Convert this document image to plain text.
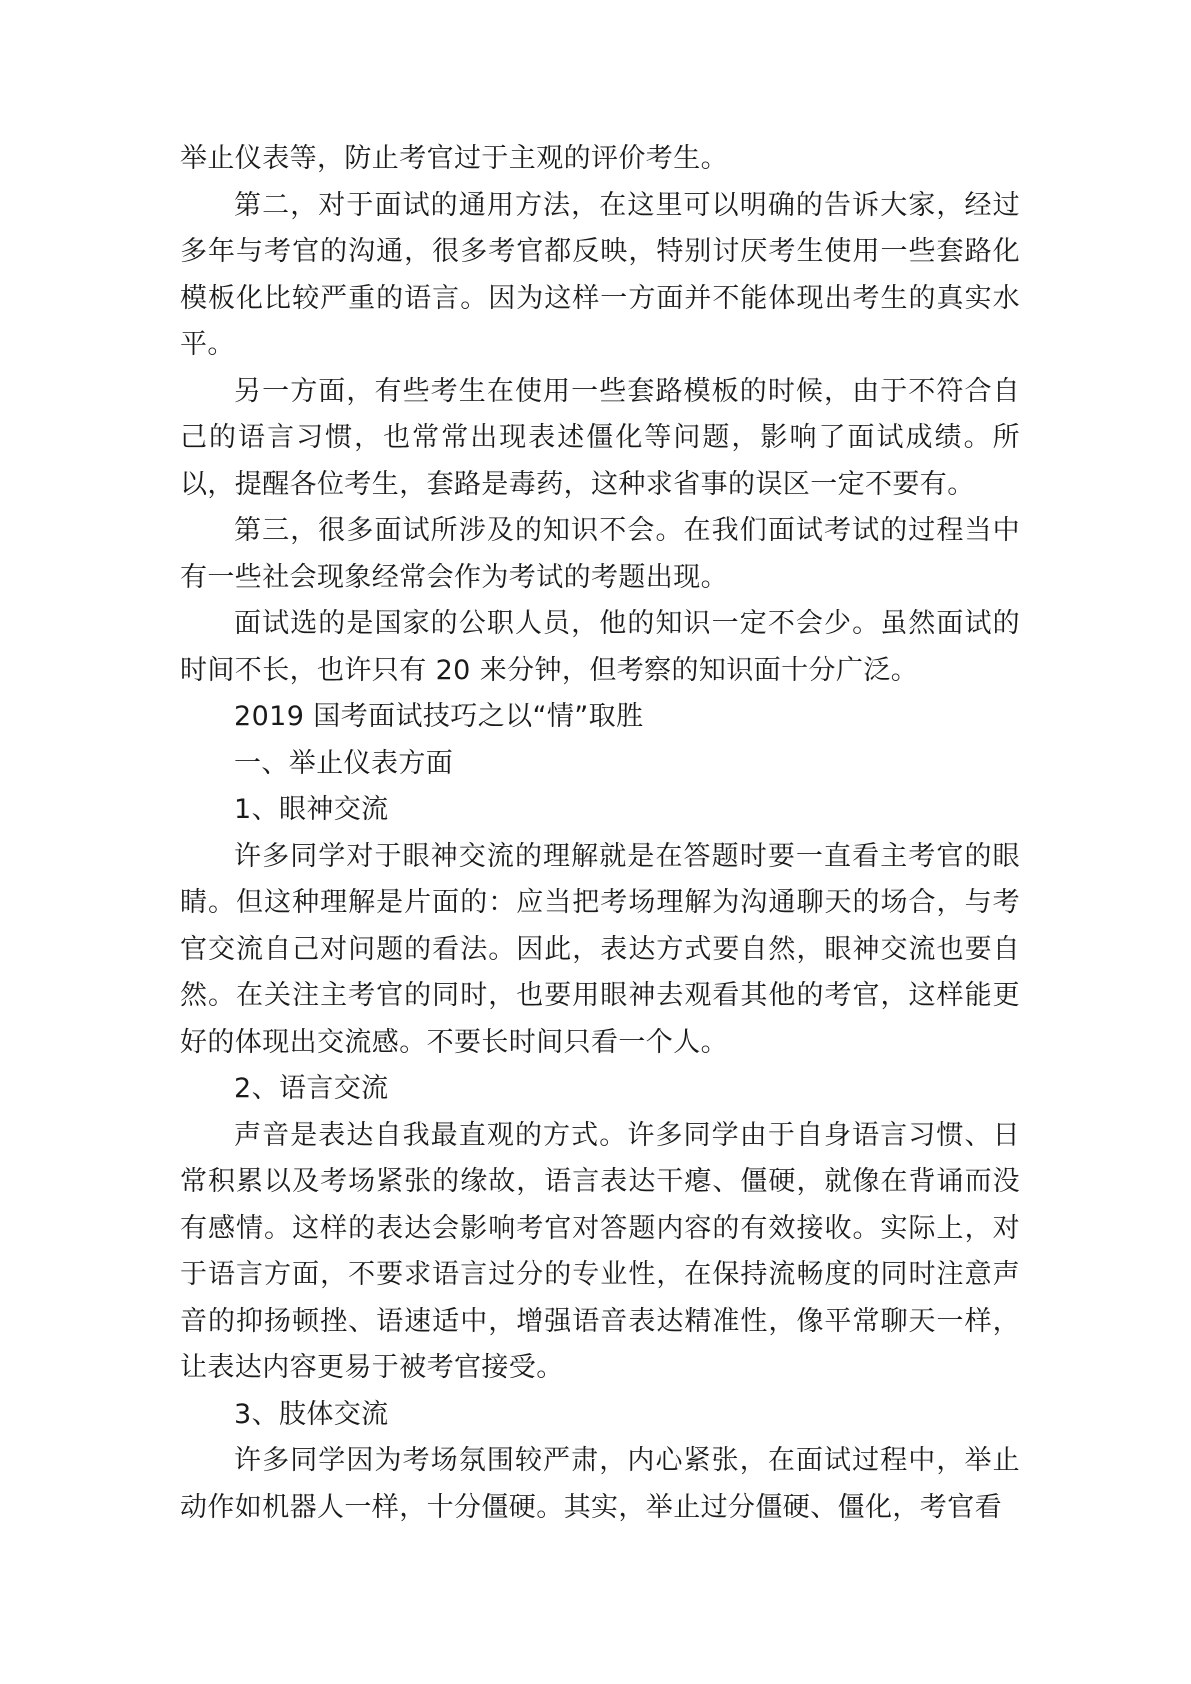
举止仪表等，防止考官过于主观的评价考生。

第二，对于面试的通用方法，在这里可以明确的告诉大家，经过多年与考官的沟通，很多考官都反映，特别讨厌考生使用一些套路化模板化比较严重的语言。因为这样一方面并不能体现出考生的真实水平。

另一方面，有些考生在使用一些套路模板的时候，由于不符合自己的语言习惯，也常常出现表述僵化等问题，影响了面试成绩。所以，提醒各位考生，套路是毒药，这种求省事的误区一定不要有。

第三，很多面试所涉及的知识不会。在我们面试考试的过程当中有一些社会现象经常会作为考试的考题出现。

面试选的是国家的公职人员，他的知识一定不会少。虽然面试的时间不长，也许只有 20 来分钟，但考察的知识面十分广泛。

2019 国考面试技巧之以“情”取胜

一、举止仪表方面

1、眼神交流

许多同学对于眼神交流的理解就是在答题时要一直看主考官的眼睛。但这种理解是片面的：应当把考场理解为沟通聊天的场合，与考官交流自己对问题的看法。因此，表达方式要自然，眼神交流也要自然。在关注主考官的同时，也要用眼神去观看其他的考官，这样能更好的体现出交流感。不要长时间只看一个人。

2、语言交流

声音是表达自我最直观的方式。许多同学由于自身语言习惯、日常积累以及考场紧张的缘故，语言表达干瘪、僵硬，就像在背诵而没有感情。这样的表达会影响考官对答题内容的有效接收。实际上，对于语言方面，不要求语言过分的专业性，在保持流畅度的同时注意声音的抑扬顿挫、语速适中，增强语音表达精准性，像平常聊天一样，让表达内容更易于被考官接受。

3、肢体交流

许多同学因为考场氛围较严肃，内心紧张，在面试过程中，举止动作如机器人一样，十分僵硬。其实，举止过分僵硬、僵化，考官看
